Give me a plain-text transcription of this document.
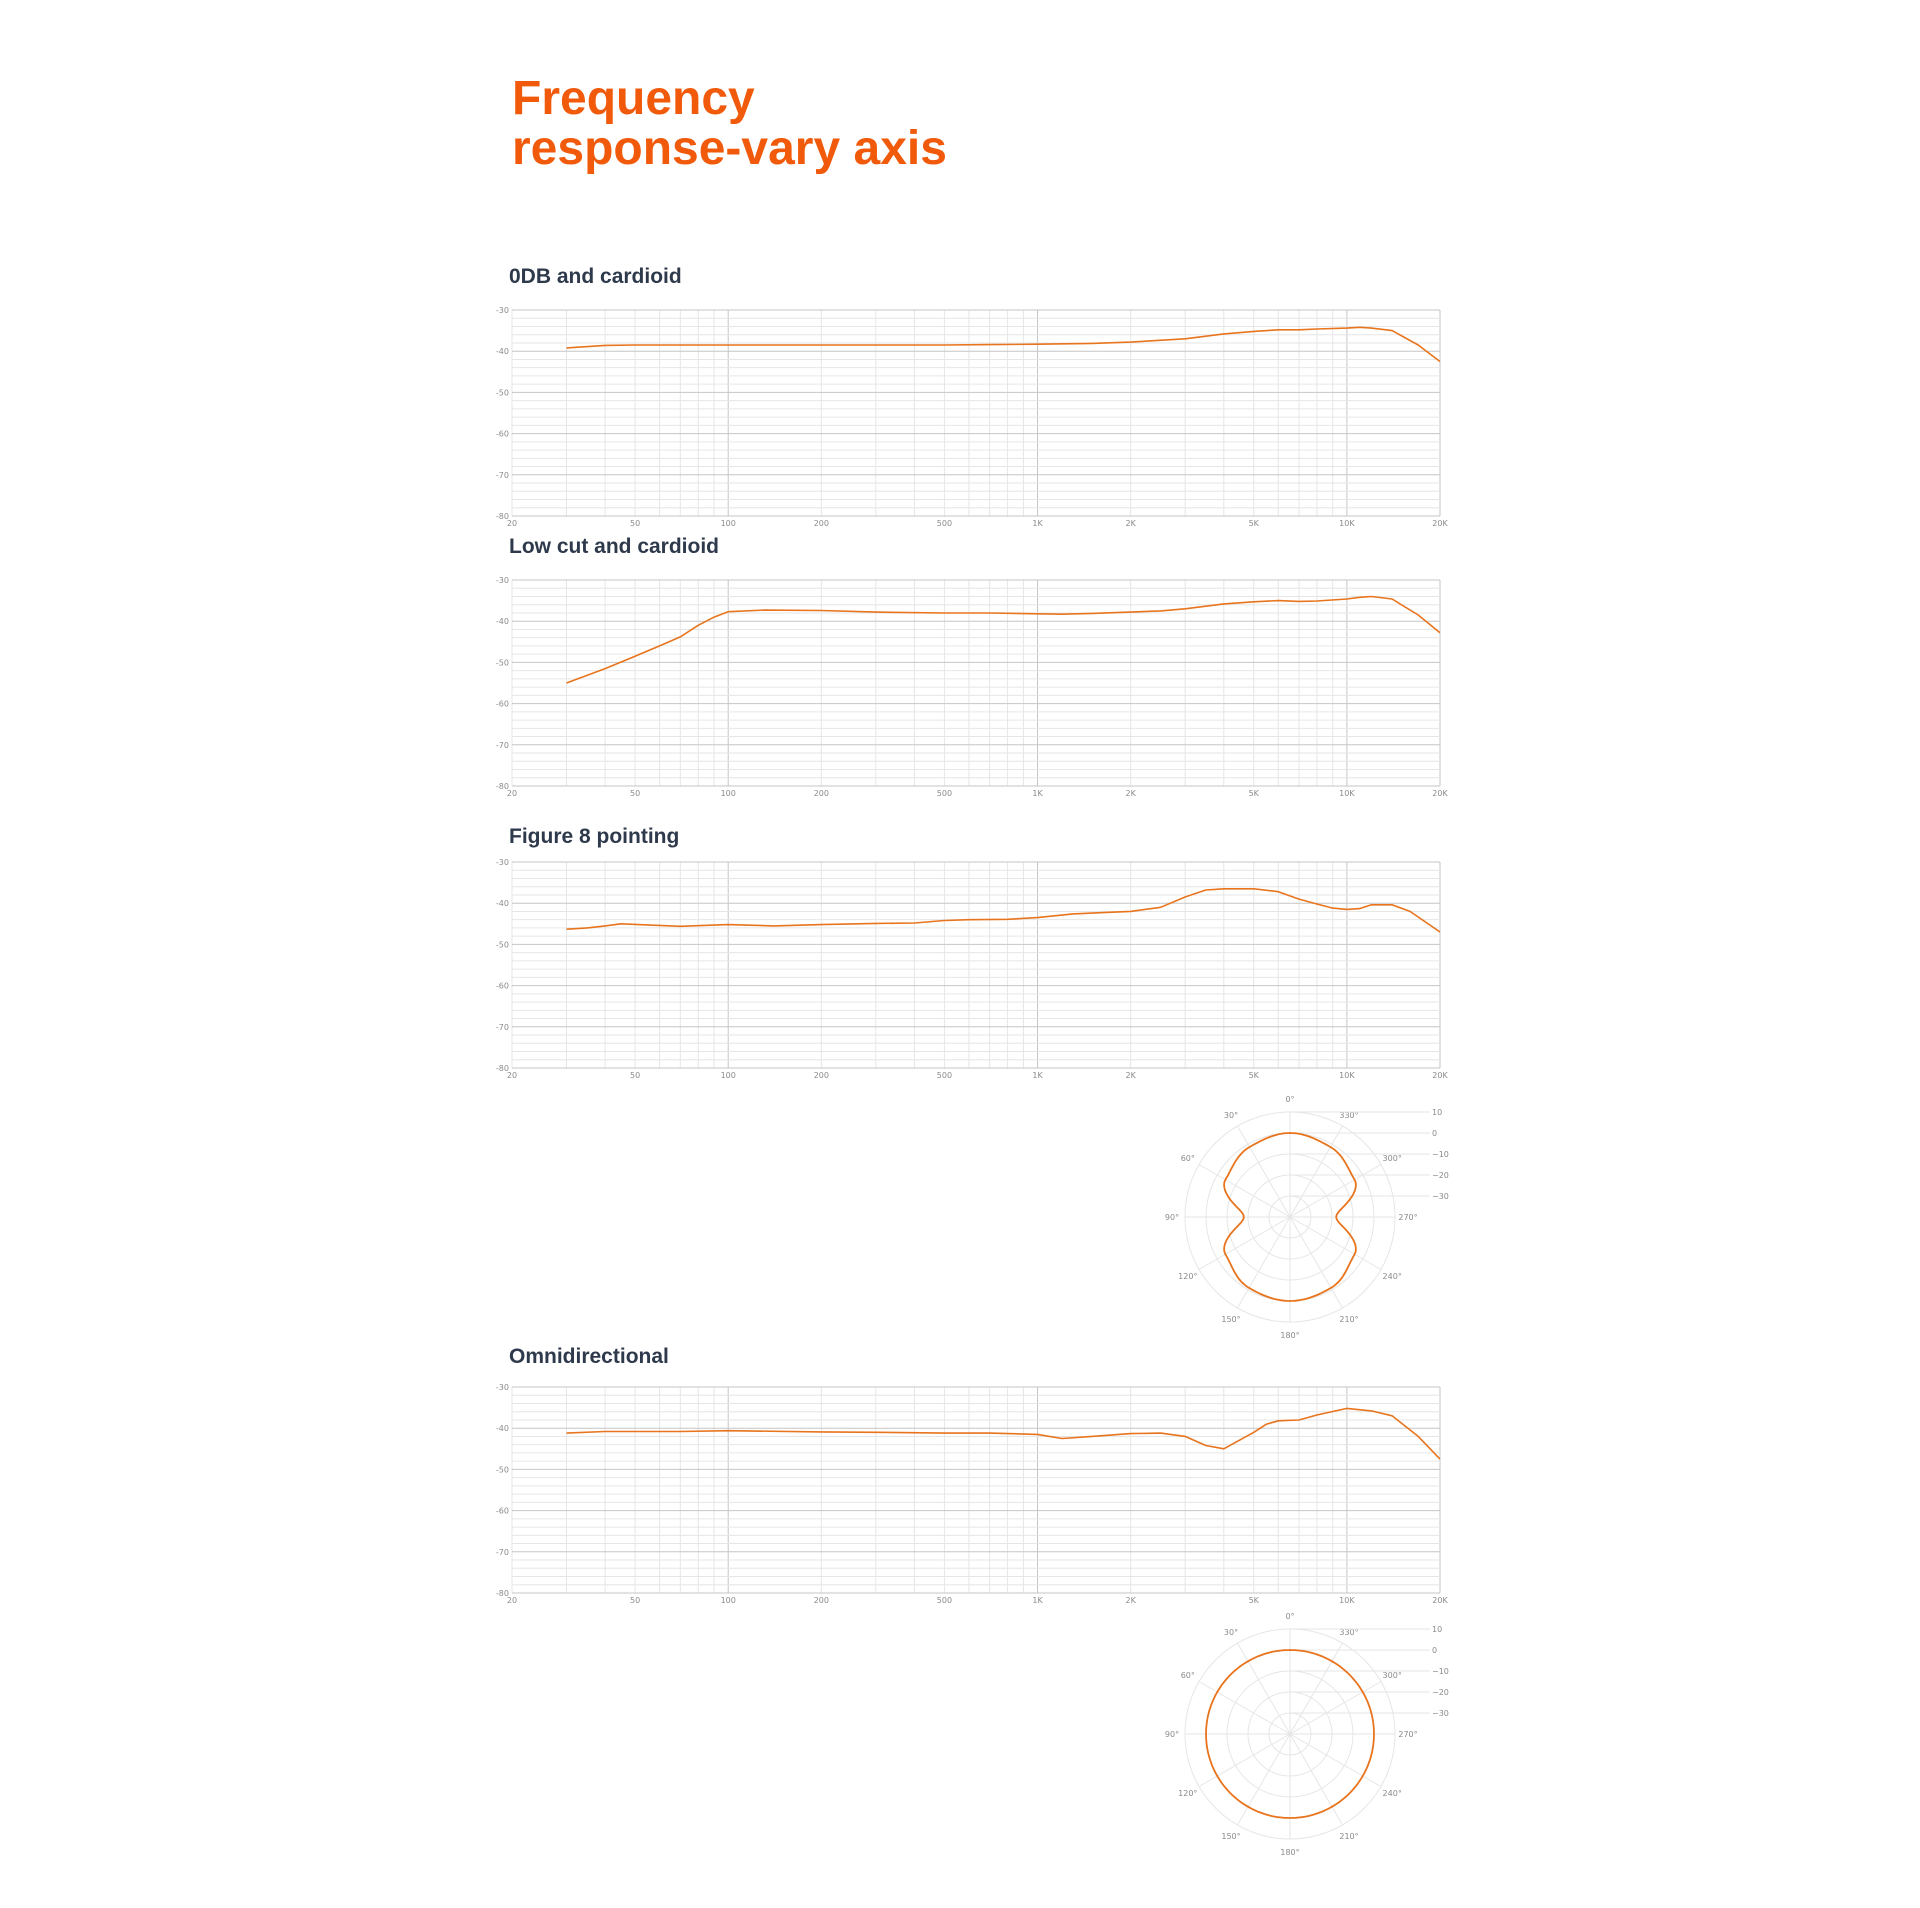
Frequency
response-vary axis
0DB and cardioid
-30
-40
-50
-60
-70
-80
20	50	100	200	500	1K	2K	5K	10K	20K
Low cut and cardioid
-30
-40
-50
-60
-70
-80
20	50	100	200	500	1K	2K	5K	10K	20K
Figure 8 pointing
-30
-40
-50
-60
-70
-80
20	50	100	200	500	1K	2K	5K	10K	20K
0°
30°
60°
90°
120°
150°
180°
210°
240°
270°
300°
330°	10
0
−10
−20
−30
Omnidirectional
-30
-40
-50
-60
-70
-80
20	50	100	200	500	1K	2K	5K	10K	20K
0°
30°
60°
90°
120°
150°
180°
210°
240°
270°
300°
330°	10
0
−10
−20
−30
